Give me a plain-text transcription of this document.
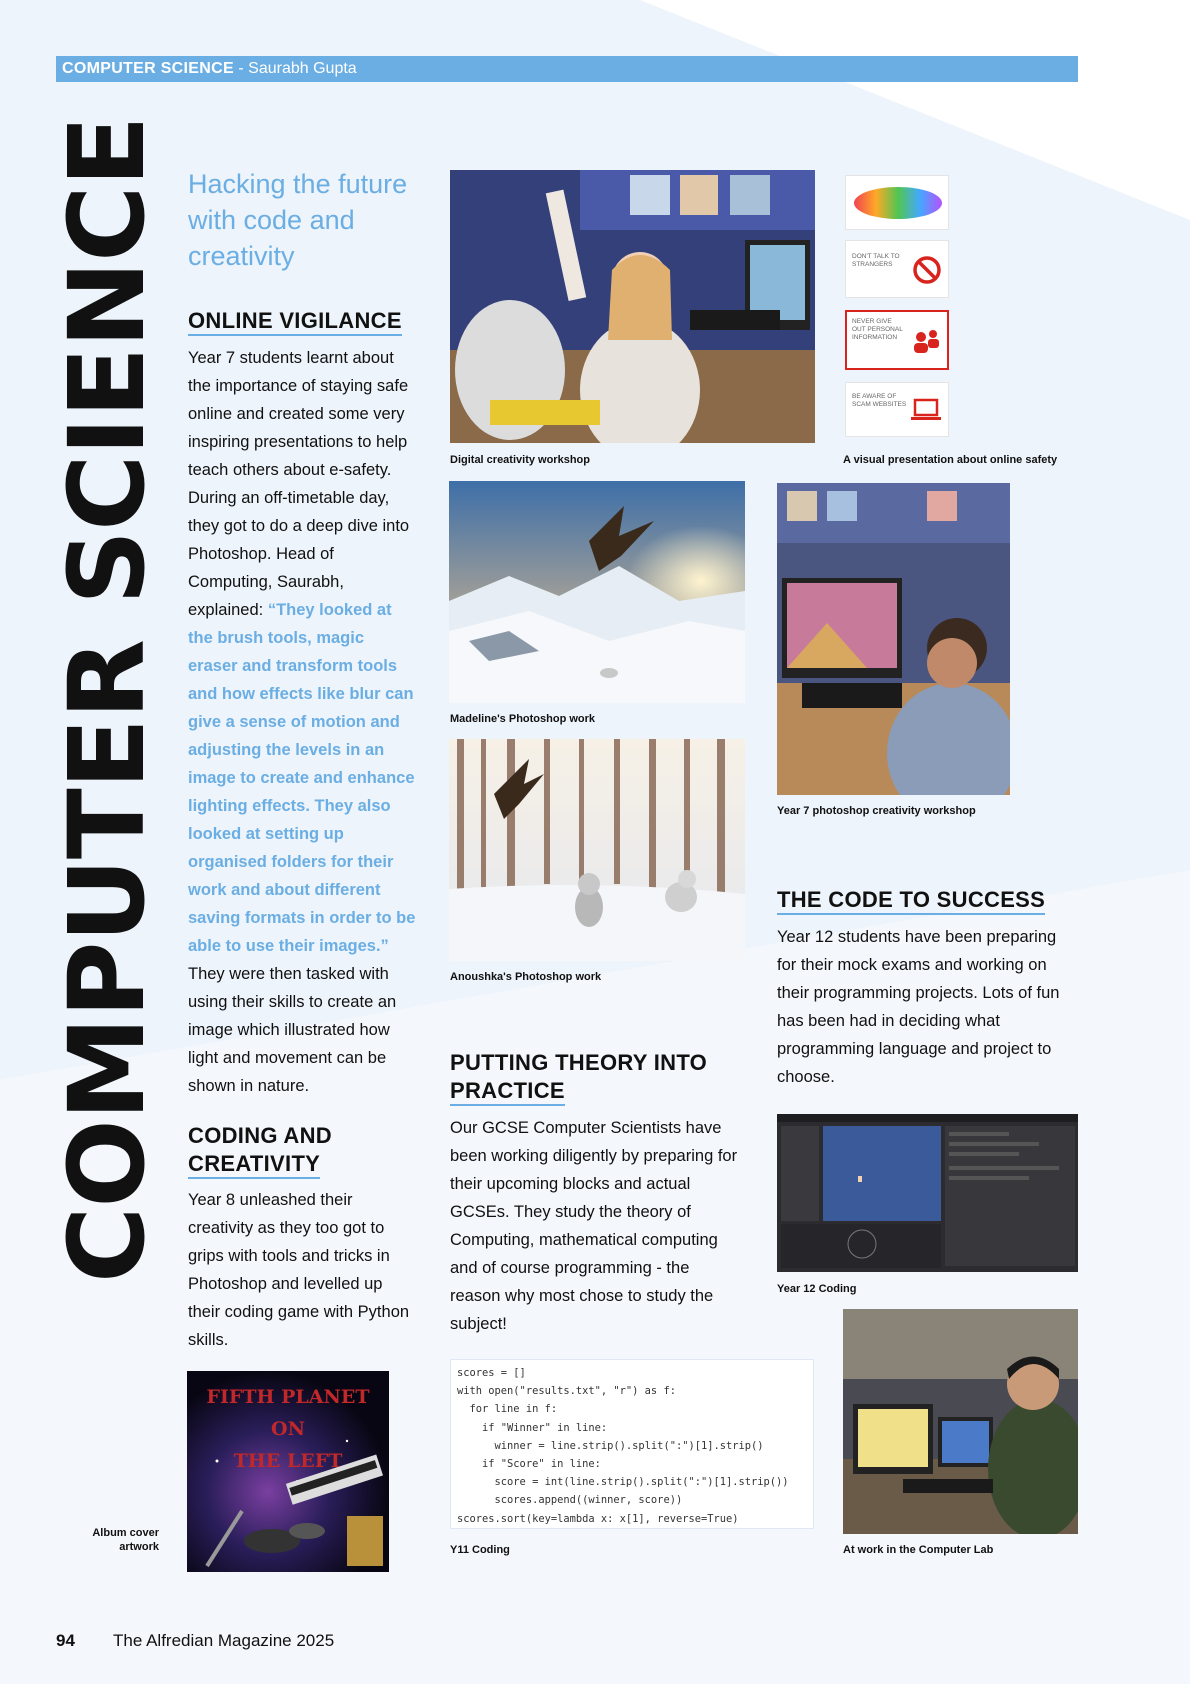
COMPUTER SCIENCE - Saurabh Gupta
COMPUTER SCIENCE Hacking the future with code and creativity
ONLINE VIGILANCE
Year 7 students learnt about the importance of staying safe online and created some very inspiring presentations to help teach others about e-safety. During an off-timetable day, they got to do a deep dive into Photoshop. Head of Computing, Saurabh, explained: “They looked at the brush tools, magic eraser and transform tools and how effects like blur can give a sense of motion and adjusting the levels in an image to create and enhance lighting effects. They also looked at setting up organised folders for their work and about different saving formats in order to be able to use their images.” They were then tasked with using their skills to create an image which illustrated how light and movement can be shown in nature.
CODING AND
CREATIVITY
Year 8 unleashed their creativity as they too got to grips with tools and tricks in Photoshop and levelled up their coding game with Python skills.
FIFTH PLANET ON
THE LEFT
Album cover
artwork
Digital creativity workshop
DON'T TALK TO STRANGERS
NEVER GIVE OUT PERSONAL INFORMATION
BE AWARE OF SCAM WEBSITES
A visual presentation about online safety
Madeline's Photoshop work
Year 7 photoshop creativity workshop
Anoushka's Photoshop work
THE CODE TO SUCCESS
Year 12 students have been preparing for their mock exams and working on their programming projects. Lots of fun has been had in deciding what programming language and project to choose.
PUTTING THEORY INTO
PRACTICE
Our GCSE Computer Scientists have been working diligently by preparing for their upcoming blocks and actual GCSEs. They study the theory of Computing, mathematical computing and of course programming - the reason why most chose to study the subject!
Year 12 Coding
scores = []
with open("results.txt", "r") as f:
for line in f:
if "Winner" in line:
winner = line.strip().split(":")[1].strip()
if "Score" in line:
score = int(line.strip().split(":")[1].strip())
scores.append((winner, score))
scores.sort(key=lambda x: x[1], reverse=True)
Y11 Coding	At work in the Computer Lab
94 The Alfredian Magazine 2025
